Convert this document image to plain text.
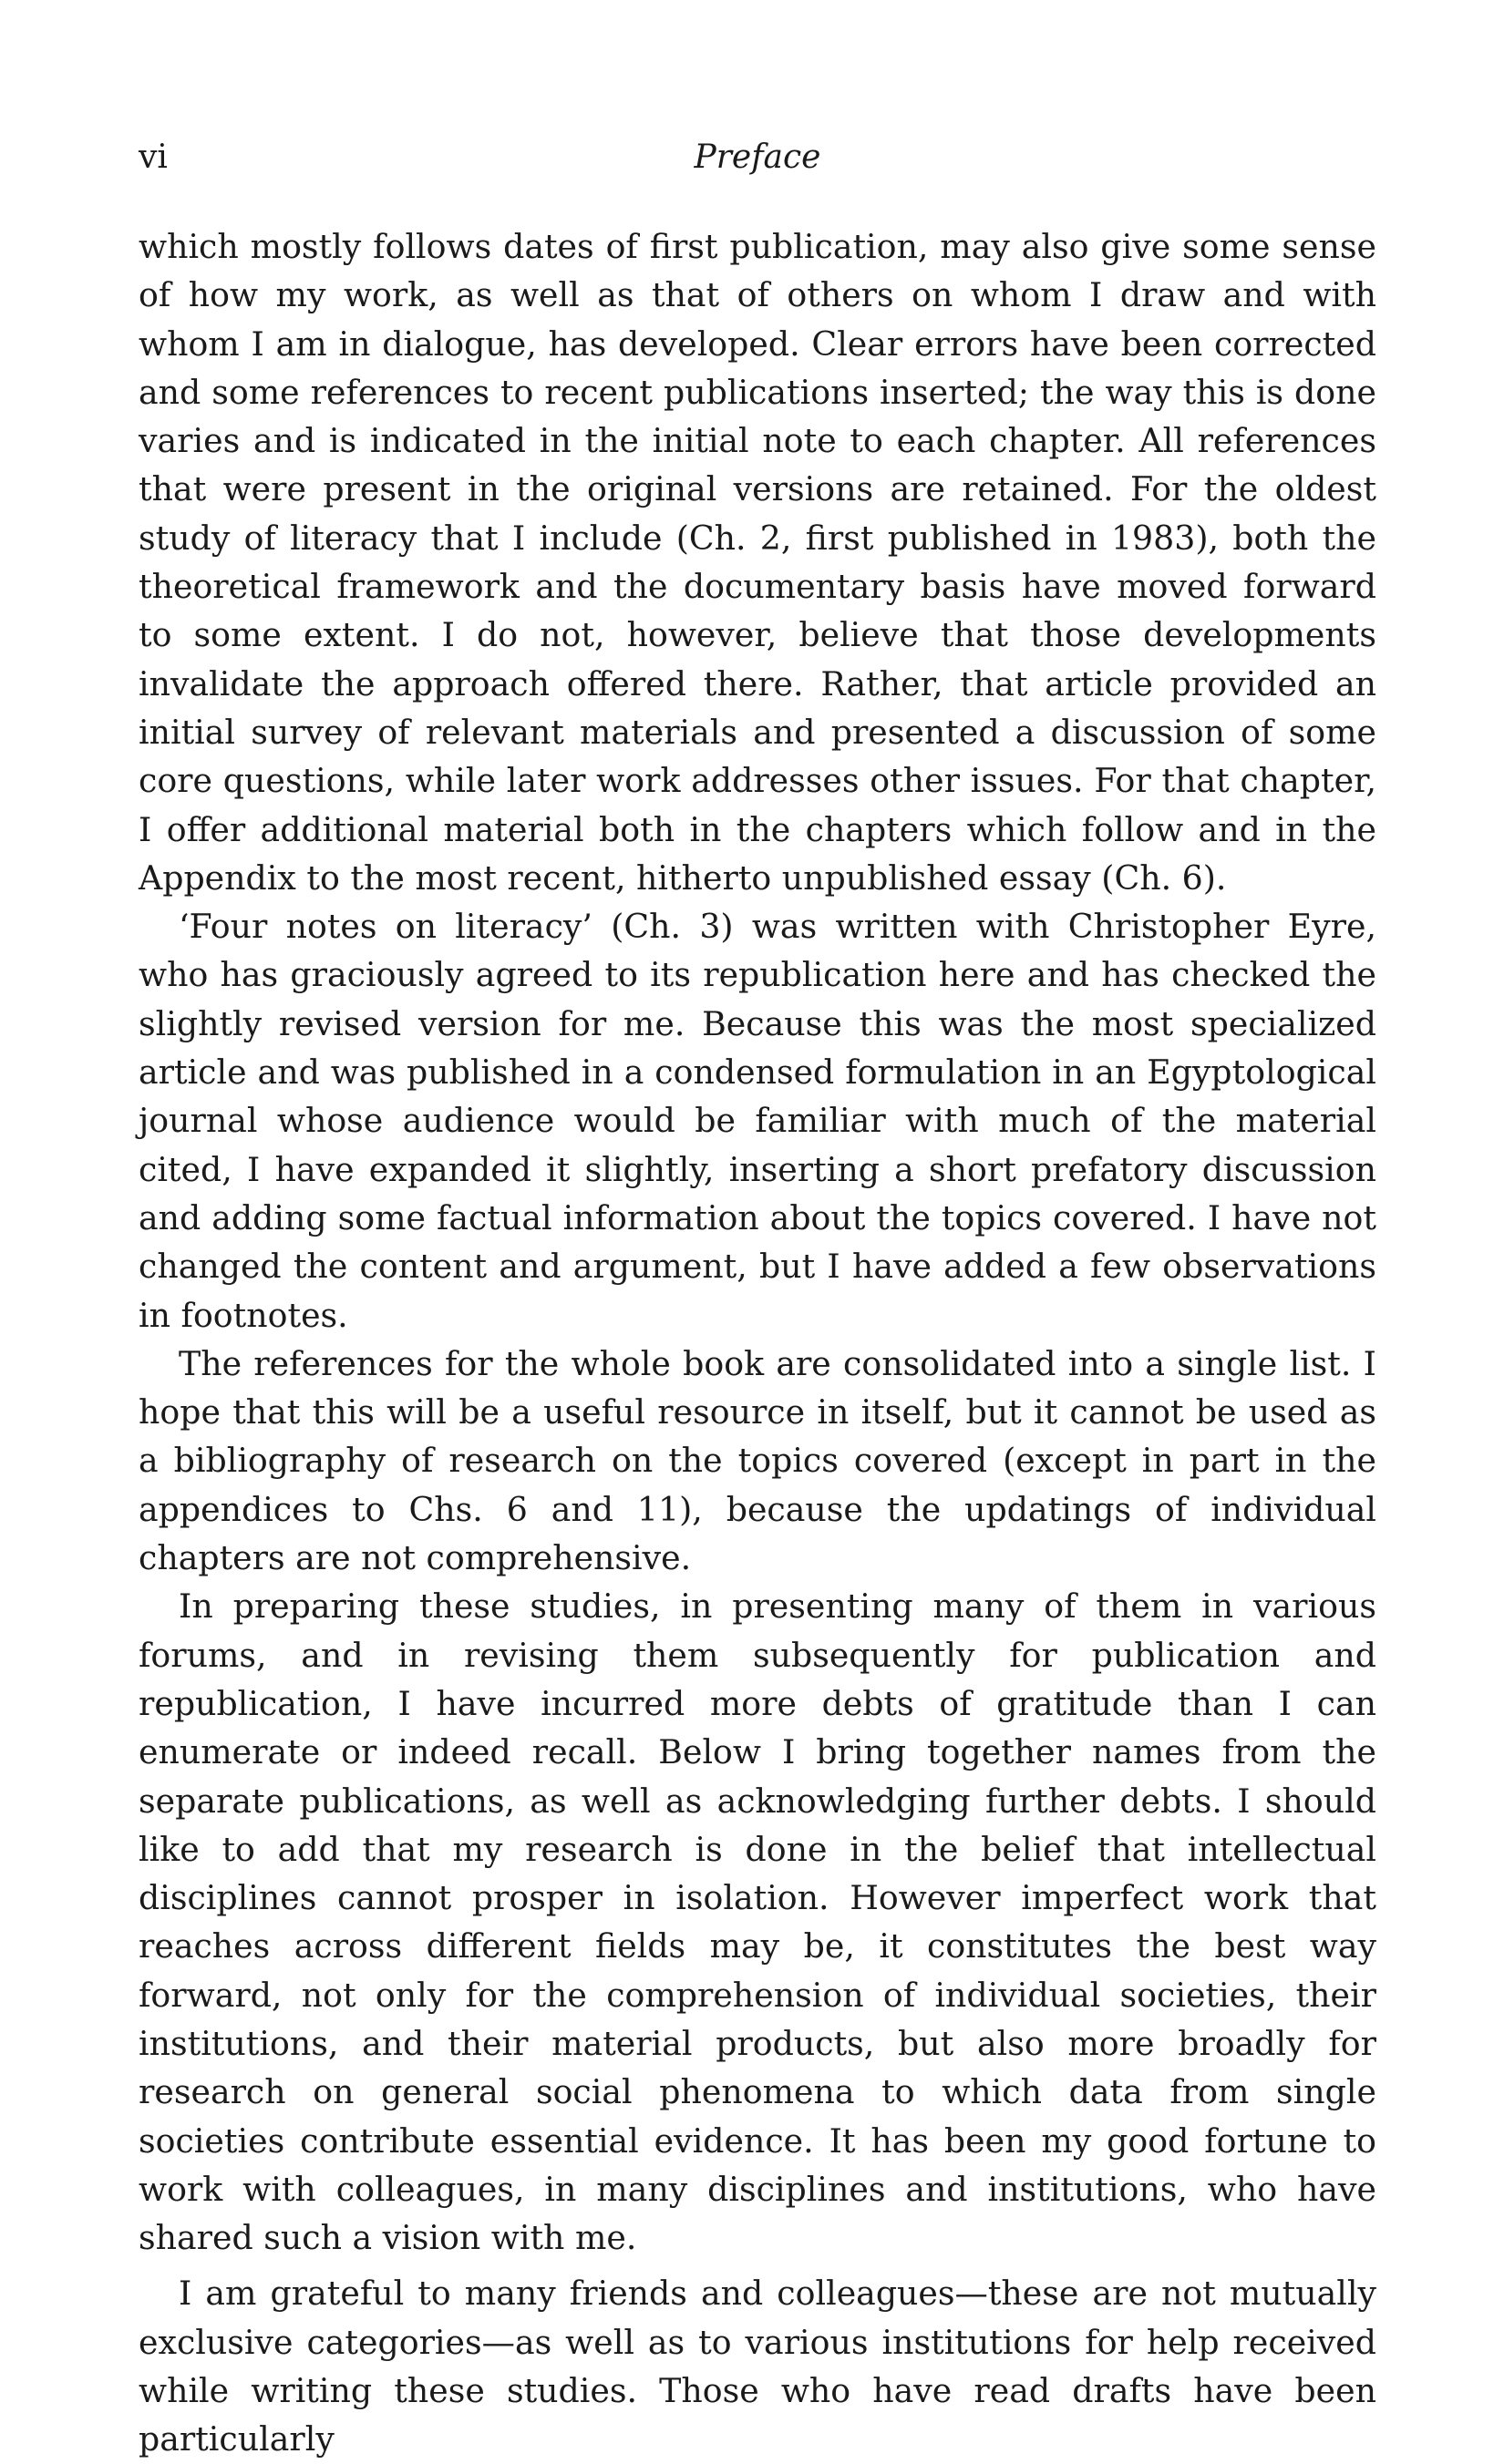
vi	Preface

which mostly follows dates of first publication, may also give some sense of how my work, as well as that of others on whom I draw and with whom I am in dialogue, has developed. Clear errors have been corrected and some references to recent publications inserted; the way this is done varies and is indicated in the initial note to each chapter. All references that were present in the original versions are retained. For the oldest study of literacy that I include (Ch. 2, first published in 1983), both the theoretical framework and the documentary basis have moved forward to some extent. I do not, however, believe that those developments invalidate the approach offered there. Rather, that article provided an initial survey of relevant materials and presented a discussion of some core questions, while later work addresses other issues. For that chapter, I offer additional material both in the chapters which follow and in the Appendix to the most recent, hitherto unpublished essay (Ch. 6).

‘Four notes on literacy’ (Ch. 3) was written with Christopher Eyre, who has graciously agreed to its republication here and has checked the slightly revised version for me. Because this was the most specialized article and was published in a condensed formulation in an Egyptological journal whose audience would be familiar with much of the material cited, I have expanded it slightly, inserting a short prefatory discussion and adding some factual information about the topics covered. I have not changed the content and argument, but I have added a few observations in footnotes.

The references for the whole book are consolidated into a single list. I hope that this will be a useful resource in itself, but it cannot be used as a bibliography of research on the topics covered (except in part in the appendices to Chs. 6 and 11), because the updatings of individual chapters are not comprehensive.

In preparing these studies, in presenting many of them in various forums, and in revising them subsequently for publication and republication, I have incurred more debts of gratitude than I can enumerate or indeed recall. Below I bring together names from the separate publications, as well as acknowledging further debts. I should like to add that my research is done in the belief that intellectual disciplines cannot prosper in isolation. However imperfect work that reaches across different fields may be, it constitutes the best way forward, not only for the comprehension of individual societies, their institutions, and their material products, but also more broadly for research on general social phenomena to which data from single societies contribute essential evidence. It has been my good fortune to work with colleagues, in many disciplines and institutions, who have shared such a vision with me.

I am grateful to many friends and colleagues—these are not mutually exclusive categories—as well as to various institutions for help received while writing these studies. Those who have read drafts have been particularly
